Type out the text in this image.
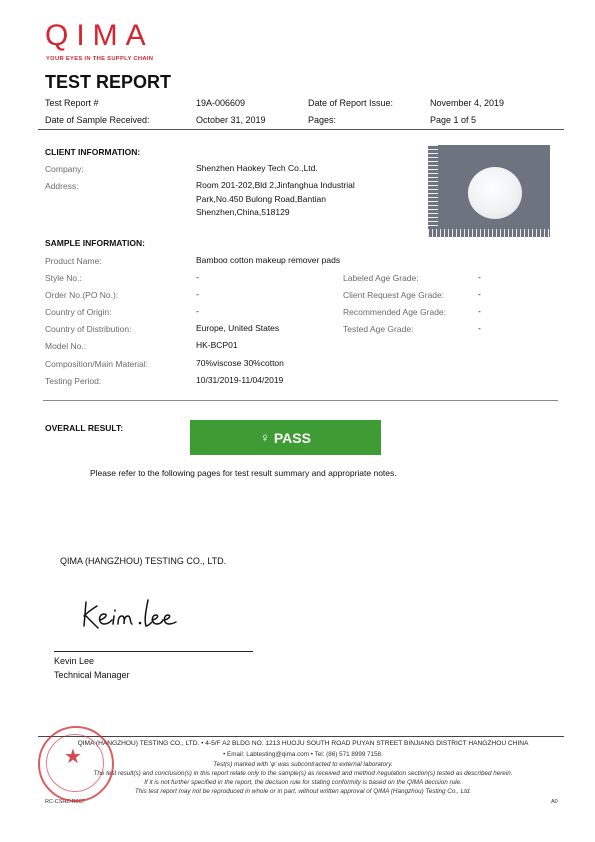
QIMA
YOUR EYES IN THE SUPPLY CHAIN
TEST REPORT
Test Report #	19A-006609	Date of Report Issue:	November 4, 2019
Date of Sample Received:	October 31, 2019	Pages:	Page 1 of 5
CLIENT INFORMATION:
Company:	Shenzhen Haokey Tech Co.,Ltd.
Address:	Room 201-202,Bld 2,Jinfanghua Industrial
Park,No.450 Bulong Road,Bantian
Shenzhen,China,518129
SAMPLE INFORMATION:
Product Name:	Bamboo cotton makeup remover pads
Style No.:	-
Order No.(PO No.):	-
Country of Origin:	-
Country of Distribution:	Europe, United States
Model No.:	HK-BCP01
Composition/Main Material:	70%viscose 30%cotton
Testing Period:	10/31/2019-11/04/2019
Labeled Age Grade:	-
Client Request Age Grade:	-
Recommended Age Grade:	-
Tested Age Grade:	-
OVERALL RESULT:
♀ PASS
Please refer to the following pages for test result summary and appropriate notes.
QIMA (HANGZHOU) TESTING CO., LTD.
Kevin Lee
Technical Manager
QIMA (HANGZHOU) TESTING CO., LTD. • 4-5/F A2 BLDG NO. 1213 HUOJU SOUTH ROAD PUYAN STREET BINJIANG DISTRICT HANGZHOU CHINA
• Email: Labtesting@qima.com • Tel: (86) 571 8999 7158.
Test(s) marked with 'φ' was subcontracted to external laboratory.
The test result(s) and conclusion(s) in this report relate only to the sample(s) as received and method /regulation section(s) tested as described herein.
If it is not further specified in the report, the decision rule for stating conformity is based on the QIMA decision rule.
This test report may not be reproduced in whole or in part, without written approval of QIMA (Hangzhou) Testing Co., Ltd.
RC-CSHZ-R007	A0
★
